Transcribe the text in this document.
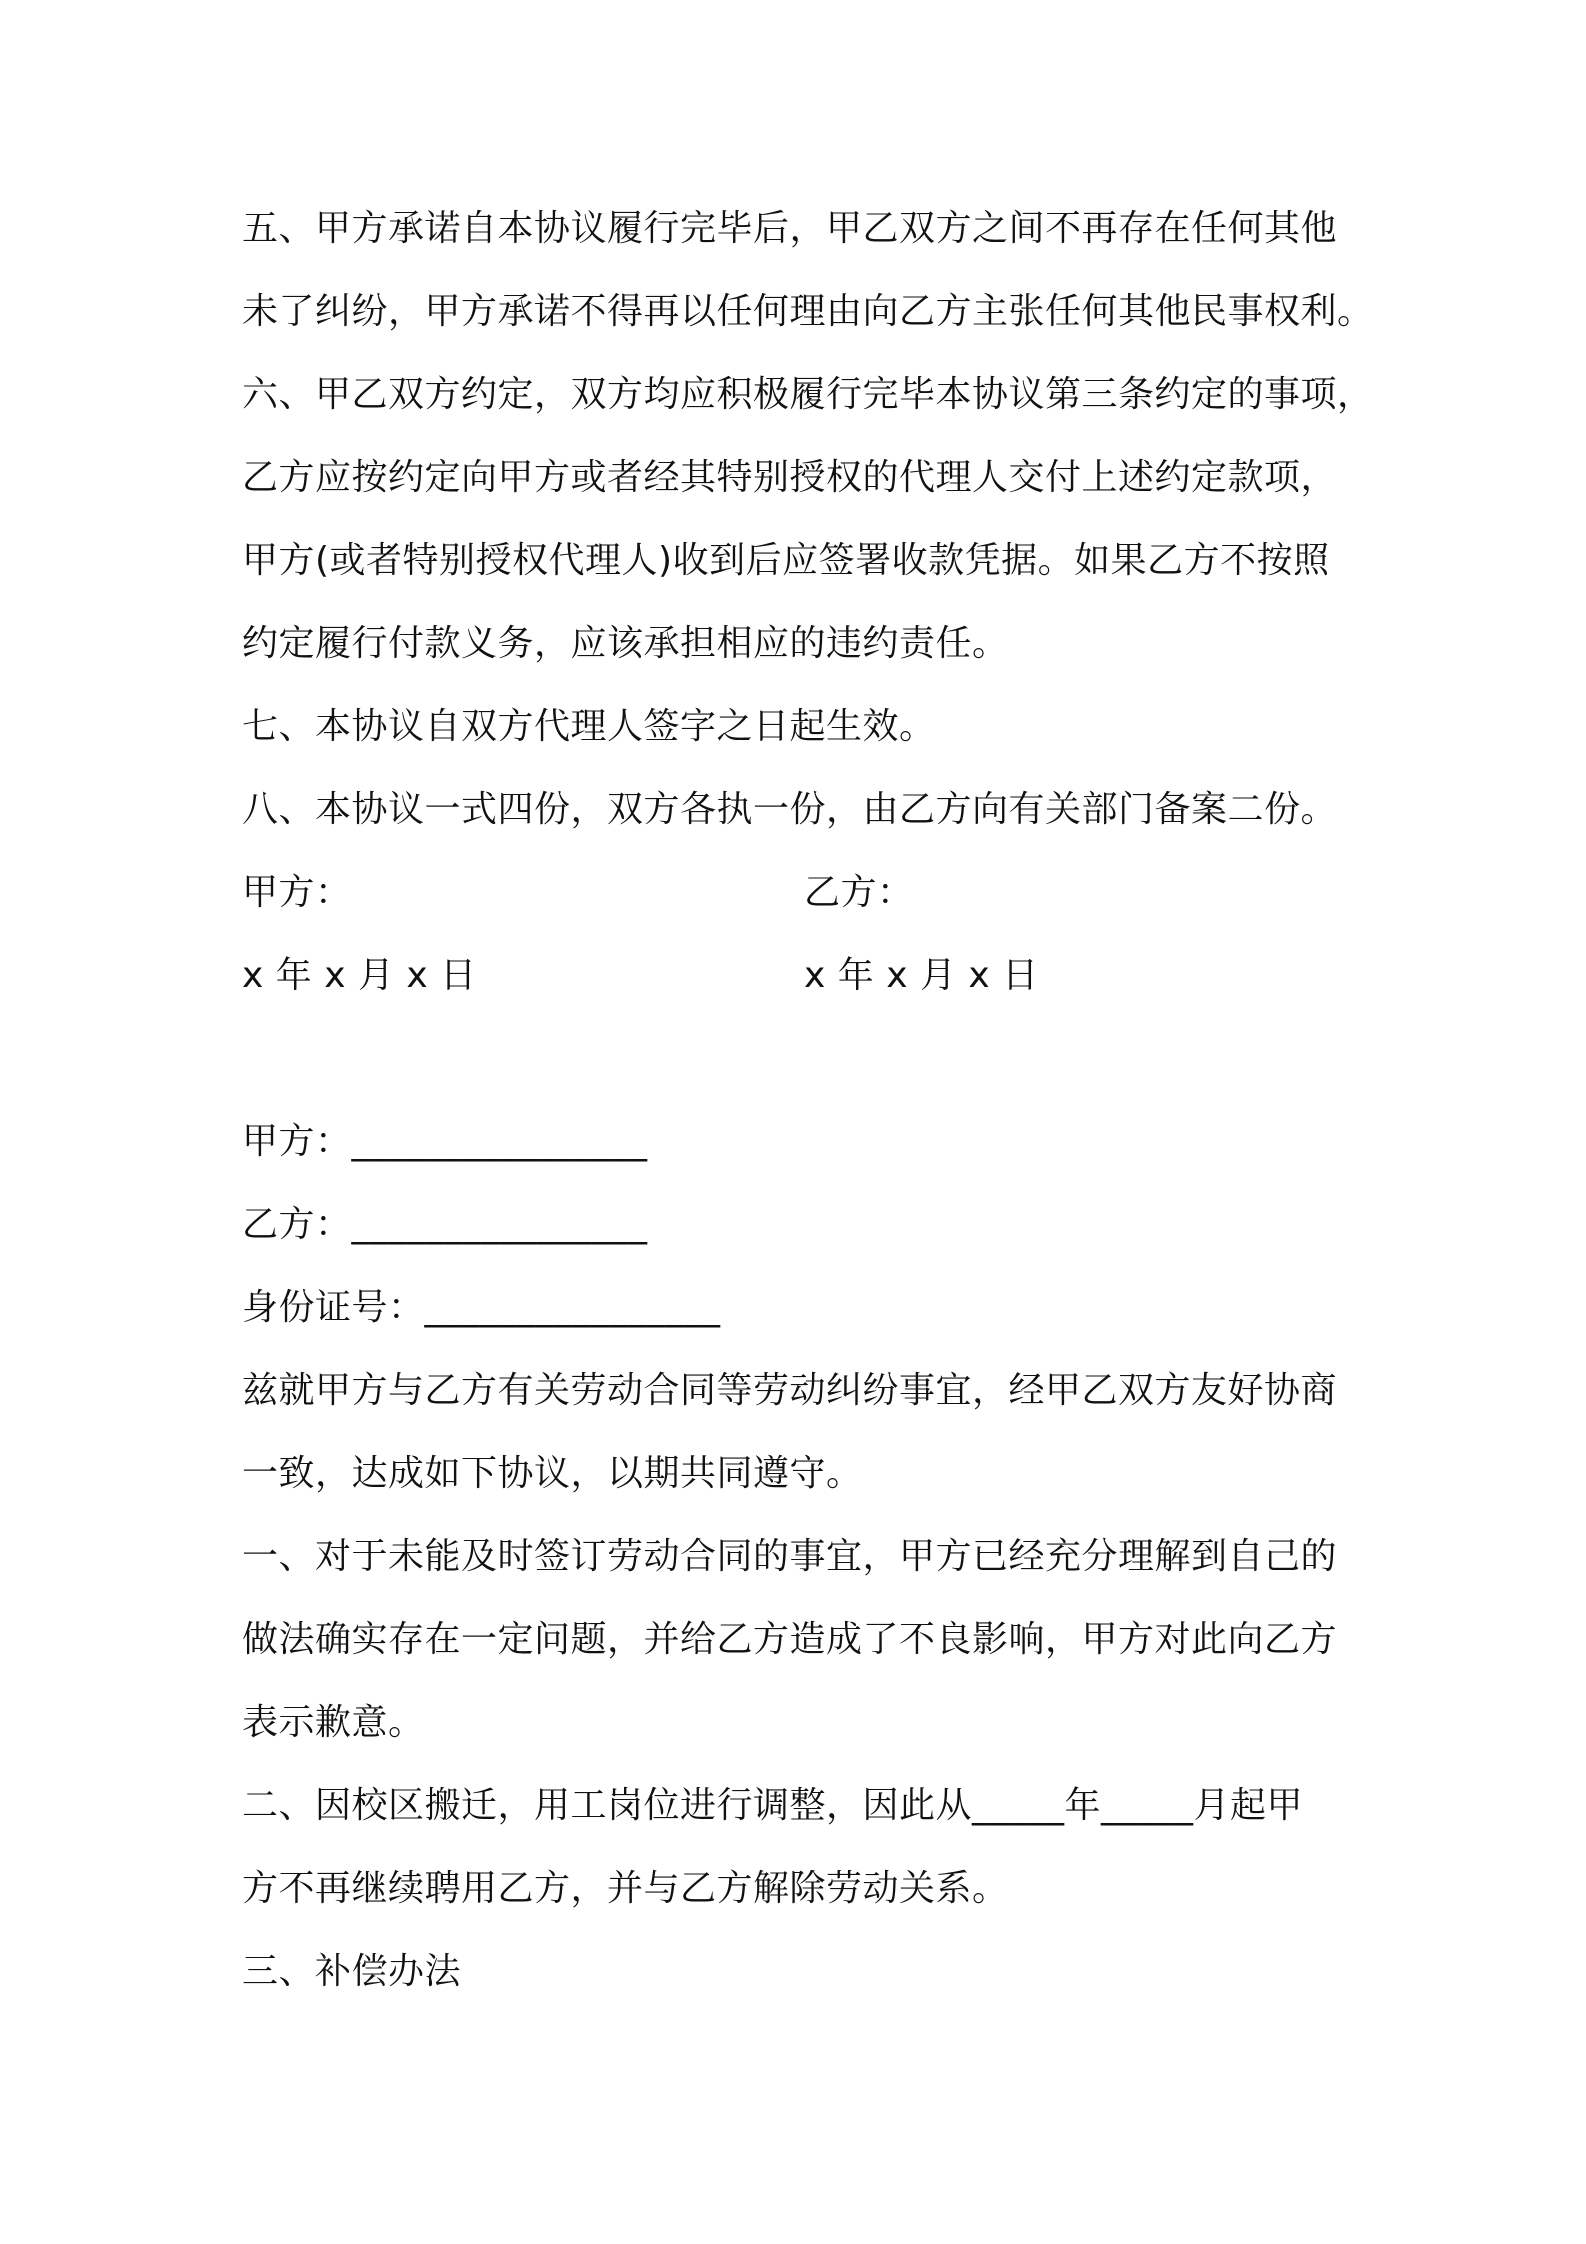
五、甲方承诺自本协议履行完毕后，甲乙双方之间不再存在任何其他
未了纠纷，甲方承诺不得再以任何理由向乙方主张任何其他民事权利。
六、甲乙双方约定，双方均应积极履行完毕本协议第三条约定的事项，
乙方应按约定向甲方或者经其特别授权的代理人交付上述约定款项，
甲方(或者特别授权代理人)收到后应签署收款凭据。如果乙方不按照
约定履行付款义务，应该承担相应的违约责任。
七、本协议自双方代理人签字之日起生效。
八、本协议一式四份，双方各执一份，由乙方向有关部门备案二份。
甲方：	乙方：
x 年 x 月 x 日	x 年 x 月 x 日
甲方：________________
乙方：________________
身份证号：________________
兹就甲方与乙方有关劳动合同等劳动纠纷事宜，经甲乙双方友好协商
一致，达成如下协议，以期共同遵守。
一、对于未能及时签订劳动合同的事宜，甲方已经充分理解到自己的
做法确实存在一定问题，并给乙方造成了不良影响，甲方对此向乙方
表示歉意。
二、因校区搬迁，用工岗位进行调整，因此从_____年_____月起甲
方不再继续聘用乙方，并与乙方解除劳动关系。
三、补偿办法
